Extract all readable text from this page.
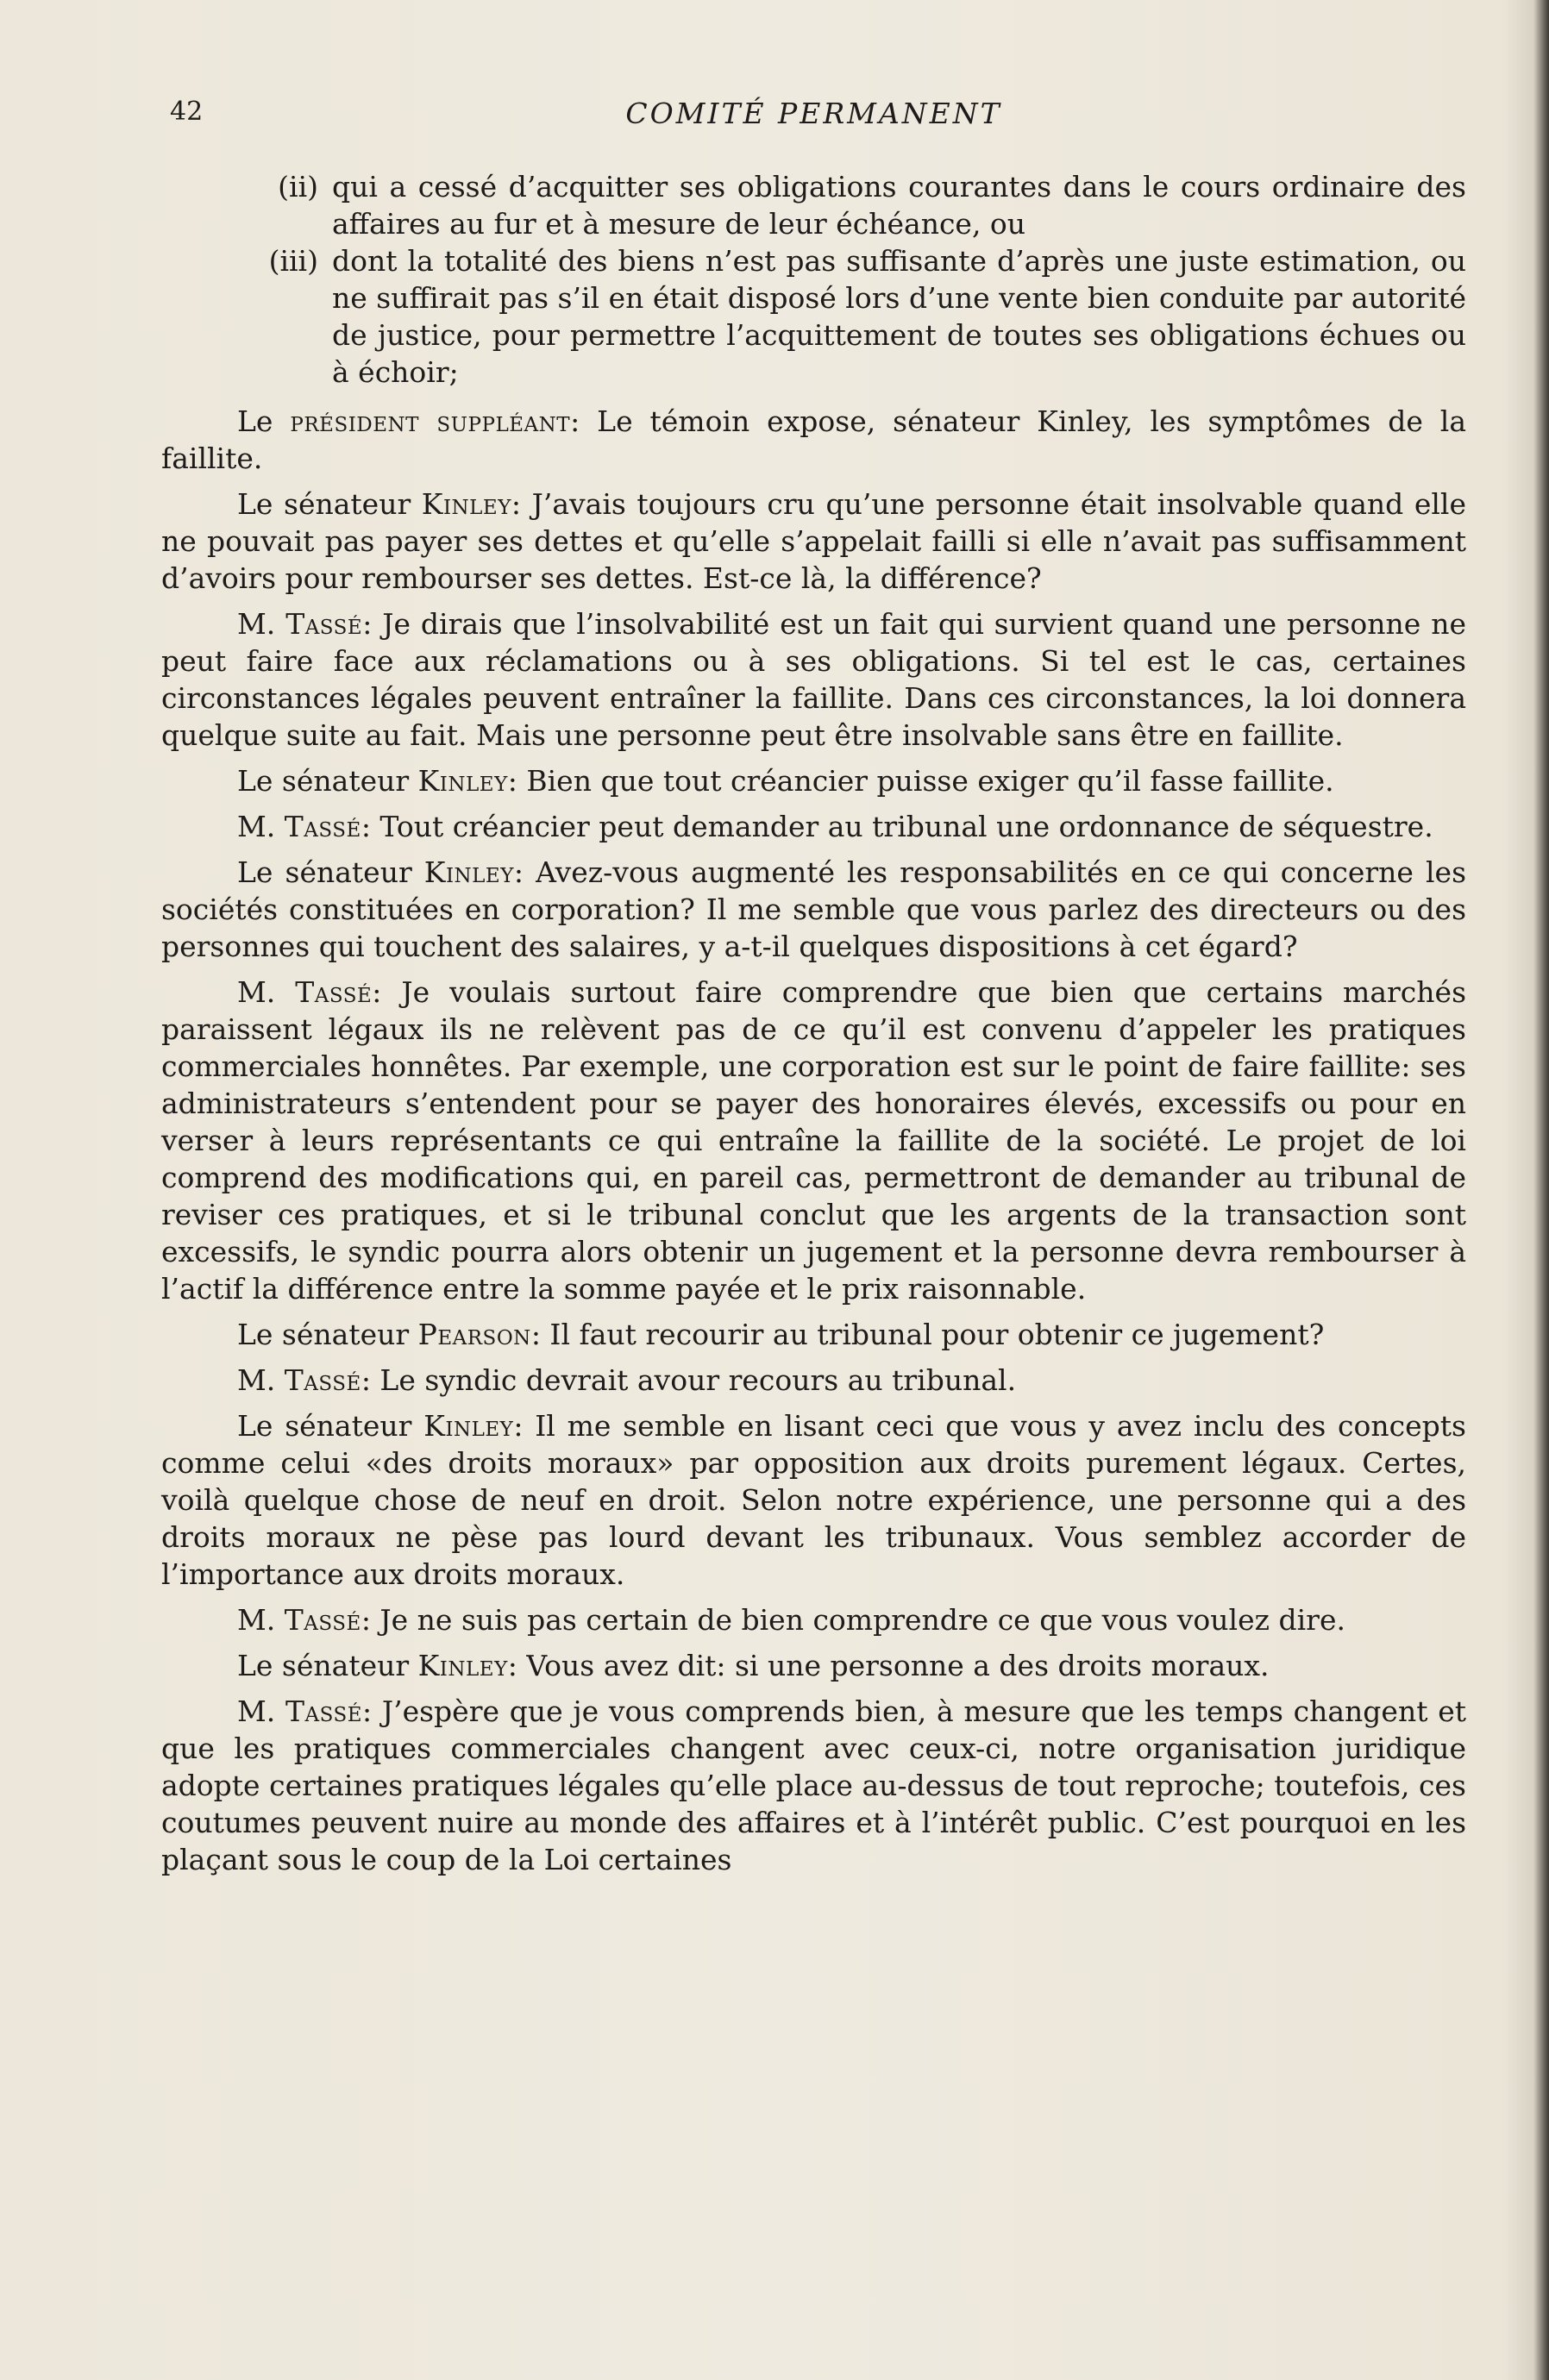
42	COMITÉ PERMANENT
(ii) qui a cessé d’acquitter ses obligations courantes dans le cours ordinaire des affaires au fur et à mesure de leur échéance, ou
(iii) dont la totalité des biens n’est pas suffisante d’après une juste estimation, ou ne suffirait pas s’il en était disposé lors d’une vente bien conduite par autorité de justice, pour permettre l’acquittement de toutes ses obligations échues ou à échoir;

Le président suppléant: Le témoin expose, sénateur Kinley, les symptômes de la faillite.

Le sénateur Kinley: J’avais toujours cru qu’une personne était insolvable quand elle ne pouvait pas payer ses dettes et qu’elle s’appelait failli si elle n’avait pas suffisamment d’avoirs pour rembourser ses dettes. Est-ce là, la différence?

M. Tassé: Je dirais que l’insolvabilité est un fait qui survient quand une personne ne peut faire face aux réclamations ou à ses obligations. Si tel est le cas, certaines circonstances légales peuvent entraîner la faillite. Dans ces circonstances, la loi donnera quelque suite au fait. Mais une personne peut être insolvable sans être en faillite.

Le sénateur Kinley: Bien que tout créancier puisse exiger qu’il fasse faillite.

M. Tassé: Tout créancier peut demander au tribunal une ordonnance de séquestre.

Le sénateur Kinley: Avez-vous augmenté les responsabilités en ce qui concerne les sociétés constituées en corporation? Il me semble que vous parlez des directeurs ou des personnes qui touchent des salaires, y a-t-il quelques dispositions à cet égard?

M. Tassé: Je voulais surtout faire comprendre que bien que certains marchés paraissent légaux ils ne relèvent pas de ce qu’il est convenu d’appeler les pratiques commerciales honnêtes. Par exemple, une corporation est sur le point de faire faillite: ses administrateurs s’entendent pour se payer des honoraires élevés, excessifs ou pour en verser à leurs représentants ce qui entraîne la faillite de la société. Le projet de loi comprend des modifications qui, en pareil cas, permettront de demander au tribunal de reviser ces pratiques, et si le tribunal conclut que les argents de la transaction sont excessifs, le syndic pourra alors obtenir un jugement et la personne devra rembourser à l’actif la différence entre la somme payée et le prix raisonnable.

Le sénateur Pearson: Il faut recourir au tribunal pour obtenir ce jugement?

M. Tassé: Le syndic devrait avour recours au tribunal.

Le sénateur Kinley: Il me semble en lisant ceci que vous y avez inclu des concepts comme celui «des droits moraux» par opposition aux droits purement légaux. Certes, voilà quelque chose de neuf en droit. Selon notre expérience, une personne qui a des droits moraux ne pèse pas lourd devant les tribunaux. Vous semblez accorder de l’importance aux droits moraux.

M. Tassé: Je ne suis pas certain de bien comprendre ce que vous voulez dire.

Le sénateur Kinley: Vous avez dit: si une personne a des droits moraux.

M. Tassé: J’espère que je vous comprends bien, à mesure que les temps changent et que les pratiques commerciales changent avec ceux-ci, notre organisation juridique adopte certaines pratiques légales qu’elle place au-dessus de tout reproche; toutefois, ces coutumes peuvent nuire au monde des affaires et à l’intérêt public. C’est pourquoi en les plaçant sous le coup de la Loi certaines
